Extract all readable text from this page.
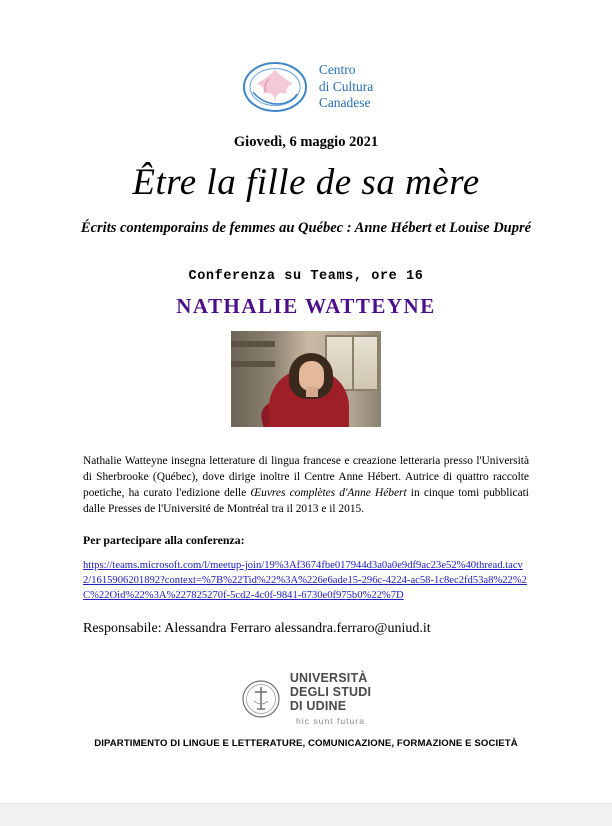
Centro
di Cultura
Canadese
Giovedì, 6 maggio 2021
Être la fille de sa mère
Écrits contemporains de femmes au Québec : Anne Hébert et Louise Dupré
Conferenza su Teams, ore 16
NATHALIE WATTEYNE
Nathalie Watteyne insegna letterature di lingua francese e creazione letteraria presso l'Università di Sherbrooke (Québec), dove dirige inoltre il Centre Anne Hébert. Autrice di quattro raccolte poetiche, ha curato l'edizione delle Œuvres complètes d'Anne Hébert in cinque tomi pubblicati dalle Presses de l'Université de Montréal tra il 2013 e il 2015.
Per partecipare alla conferenza:
https://teams.microsoft.com/l/meetup-join/19%3Af3674fbe017944d3a0a0e9df9ac23e52%40thread.tacv2/1615906201892?context=%7B%22Tid%22%3A%226e6ade15-296c-4224-ac58-1c8ec2fd53a8%22%2C%22Oid%22%3A%227825270f-5cd2-4c0f-9841-6730e0f975b0%22%7D
Responsabile: Alessandra Ferraro alessandra.ferraro@uniud.it
UNIVERSITÀ
DEGLI STUDI
DI UDINE
hic sunt futura
DIPARTIMENTO DI LINGUE E LETTERATURE, COMUNICAZIONE, FORMAZIONE E SOCIETÀ
